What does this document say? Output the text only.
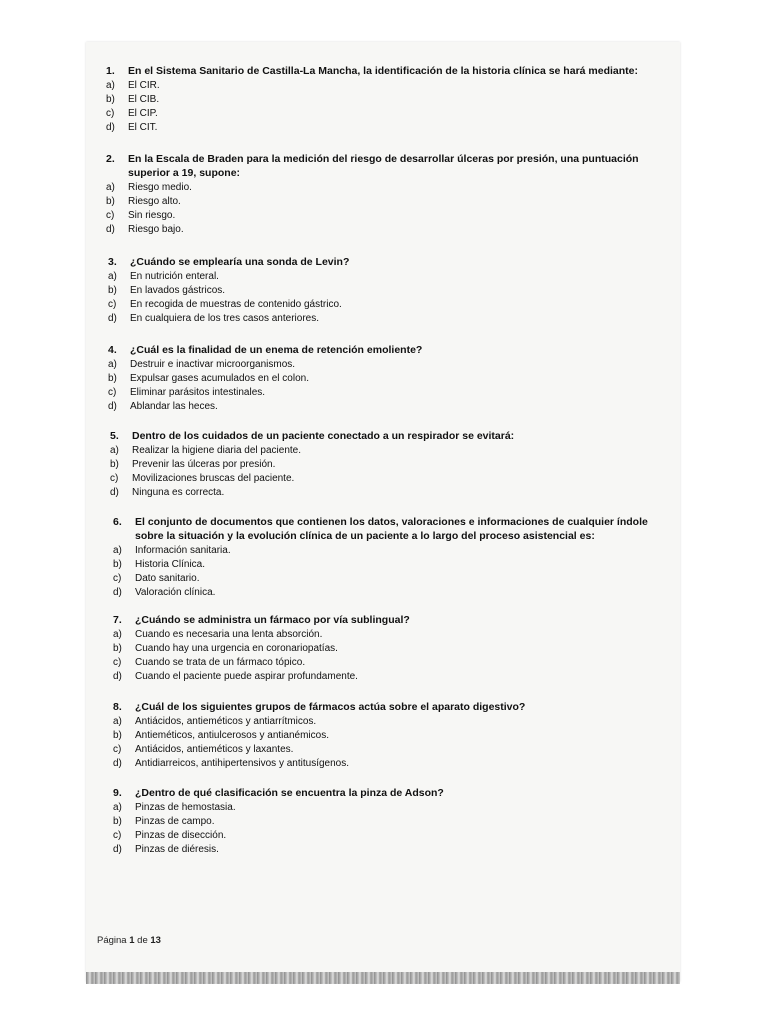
1.	En el Sistema Sanitario de Castilla-La Mancha, la identificación de la historia clínica se hará mediante:
a)	El CIR.
b)	El CIB.
c)	El CIP.
d)	El CIT.
2.	En la Escala de Braden para la medición del riesgo de desarrollar úlceras por presión, una puntuación superior a 19, supone:
a)	Riesgo medio.
b)	Riesgo alto.
c)	Sin riesgo.
d)	Riesgo bajo.
3.	¿Cuándo se emplearía una sonda de Levin?
a)	En nutrición enteral.
b)	En lavados gástricos.
c)	En recogida de muestras de contenido gástrico.
d)	En cualquiera de los tres casos anteriores.
4.	¿Cuál es la finalidad de un enema de retención emoliente?
a)	Destruir e inactivar microorganismos.
b)	Expulsar gases acumulados en el colon.
c)	Eliminar parásitos intestinales.
d)	Ablandar las heces.
5.	Dentro de los cuidados de un paciente conectado a un respirador se evitará:
a)	Realizar la higiene diaria del paciente.
b)	Prevenir las úlceras por presión.
c)	Movilizaciones bruscas del paciente.
d)	Ninguna es correcta.
6.	El conjunto de documentos que contienen los datos, valoraciones e informaciones de cualquier índole sobre la situación y la evolución clínica de un paciente a lo largo del proceso asistencial es:
a)	Información sanitaria.
b)	Historia Clínica.
c)	Dato sanitario.
d)	Valoración clínica.
7.	¿Cuándo se administra un fármaco por vía sublingual?
a)	Cuando es necesaria una lenta absorción.
b)	Cuando hay una urgencia en coronariopatías.
c)	Cuando se trata de un fármaco tópico.
d)	Cuando el paciente puede aspirar profundamente.
8.	¿Cuál de los siguientes grupos de fármacos actúa sobre el aparato digestivo?
a)	Antiácidos, antieméticos y antiarrítmicos.
b)	Antieméticos, antiulcerosos y antianémicos.
c)	Antiácidos, antieméticos y laxantes.
d)	Antidiarreicos, antihipertensivos y antitusígenos.
9.	¿Dentro de qué clasificación se encuentra la pinza de Adson?
a)	Pinzas de hemostasia.
b)	Pinzas de campo.
c)	Pinzas de disección.
d)	Pinzas de diéresis.
Página 1 de 13
